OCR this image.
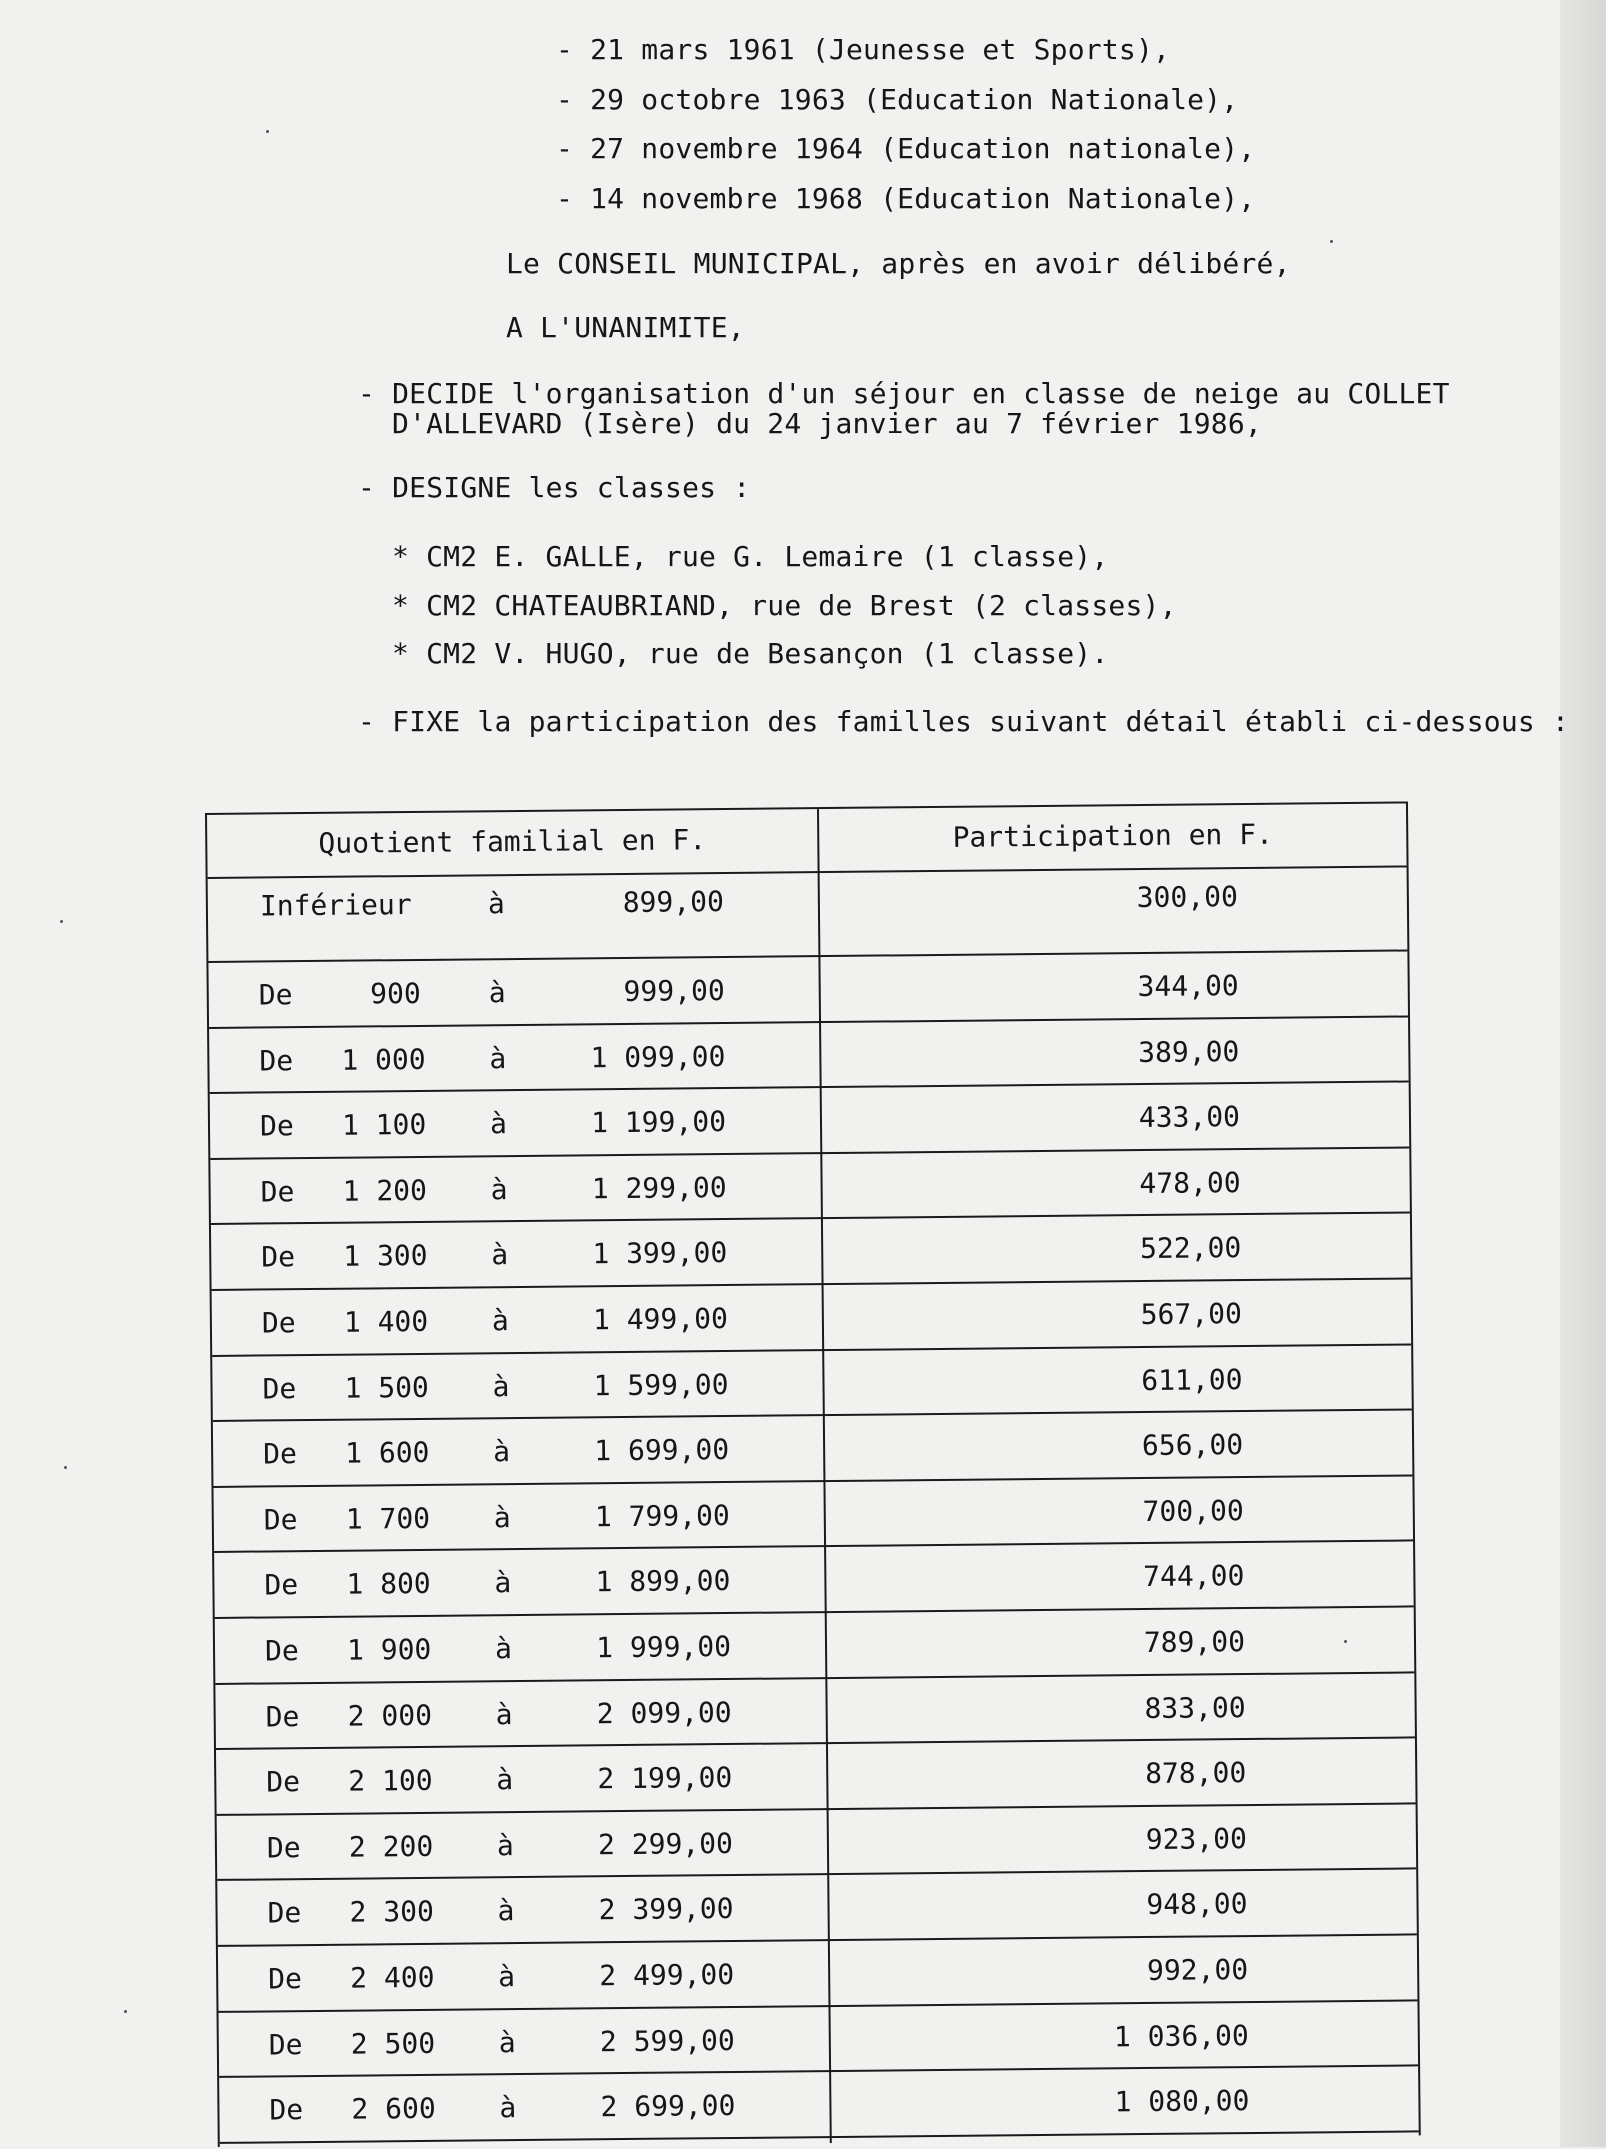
- 21 mars 1961 (Jeunesse et Sports),
- 29 octobre 1963 (Education Nationale),
- 27 novembre 1964 (Education nationale),
- 14 novembre 1968 (Education Nationale),
Le CONSEIL MUNICIPAL, après en avoir délibéré,
A L'UNANIMITE,
- DECIDE l'organisation d'un séjour en classe de neige au COLLET
D'ALLEVARD (Isère) du 24 janvier au 7 février 1986,
- DESIGNE les classes :
* CM2 E. GALLE, rue G. Lemaire (1 classe),
* CM2 CHATEAUBRIAND, rue de Brest (2 classes),
* CM2 V. HUGO, rue de Besançon (1 classe).
- FIXE la participation des familles suivant détail établi ci-dessous :
Quotient familial en F.	Participation en F.
Inférieur	à	899,00	300,00
De	900 à	999,00	344,00
De 1 000 à	1 099,00	389,00
De 1 100 à	1 199,00	433,00
De 1 200 à	1 299,00	478,00
De 1 300 à	1 399,00	522,00
De 1 400 à	1 499,00	567,00
De 1 500 à	1 599,00	611,00
De 1 600 à	1 699,00	656,00
De 1 700 à	1 799,00	700,00
De 1 800 à	1 899,00	744,00
De 1 900 à	1 999,00	789,00
De 2 000 à	2 099,00	833,00
De 2 100 à	2 199,00	878,00
De 2 200 à	2 299,00	923,00
De 2 300 à	2 399,00	948,00
De 2 400 à	2 499,00	992,00
De 2 500 à	2 599,00	1 036,00
De 2 600 à	2 699,00	1 080,00
